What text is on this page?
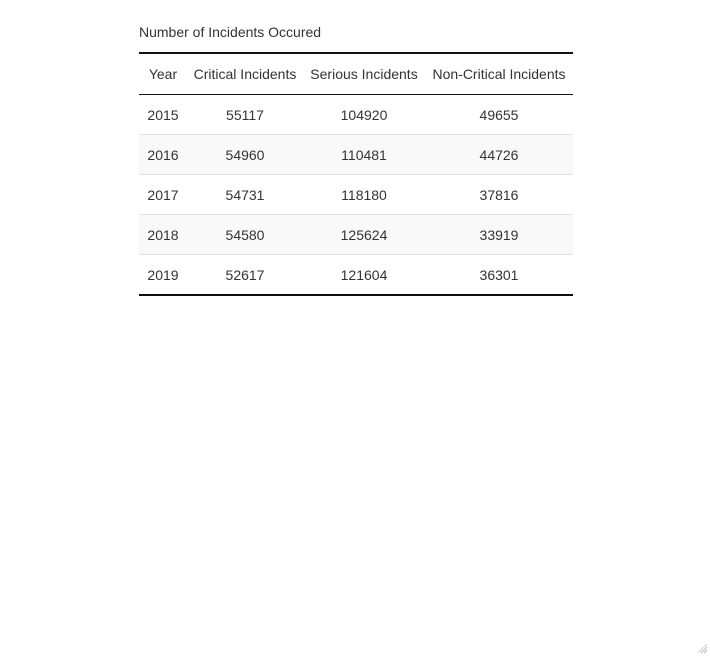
Number of Incidents Occured
Year	Critical Incidents	Serious Incidents	Non-Critical Incidents
2015	55117	104920	49655
2016	54960	110481	44726
2017	54731	118180	37816
2018	54580	125624	33919
2019	52617	121604	36301
